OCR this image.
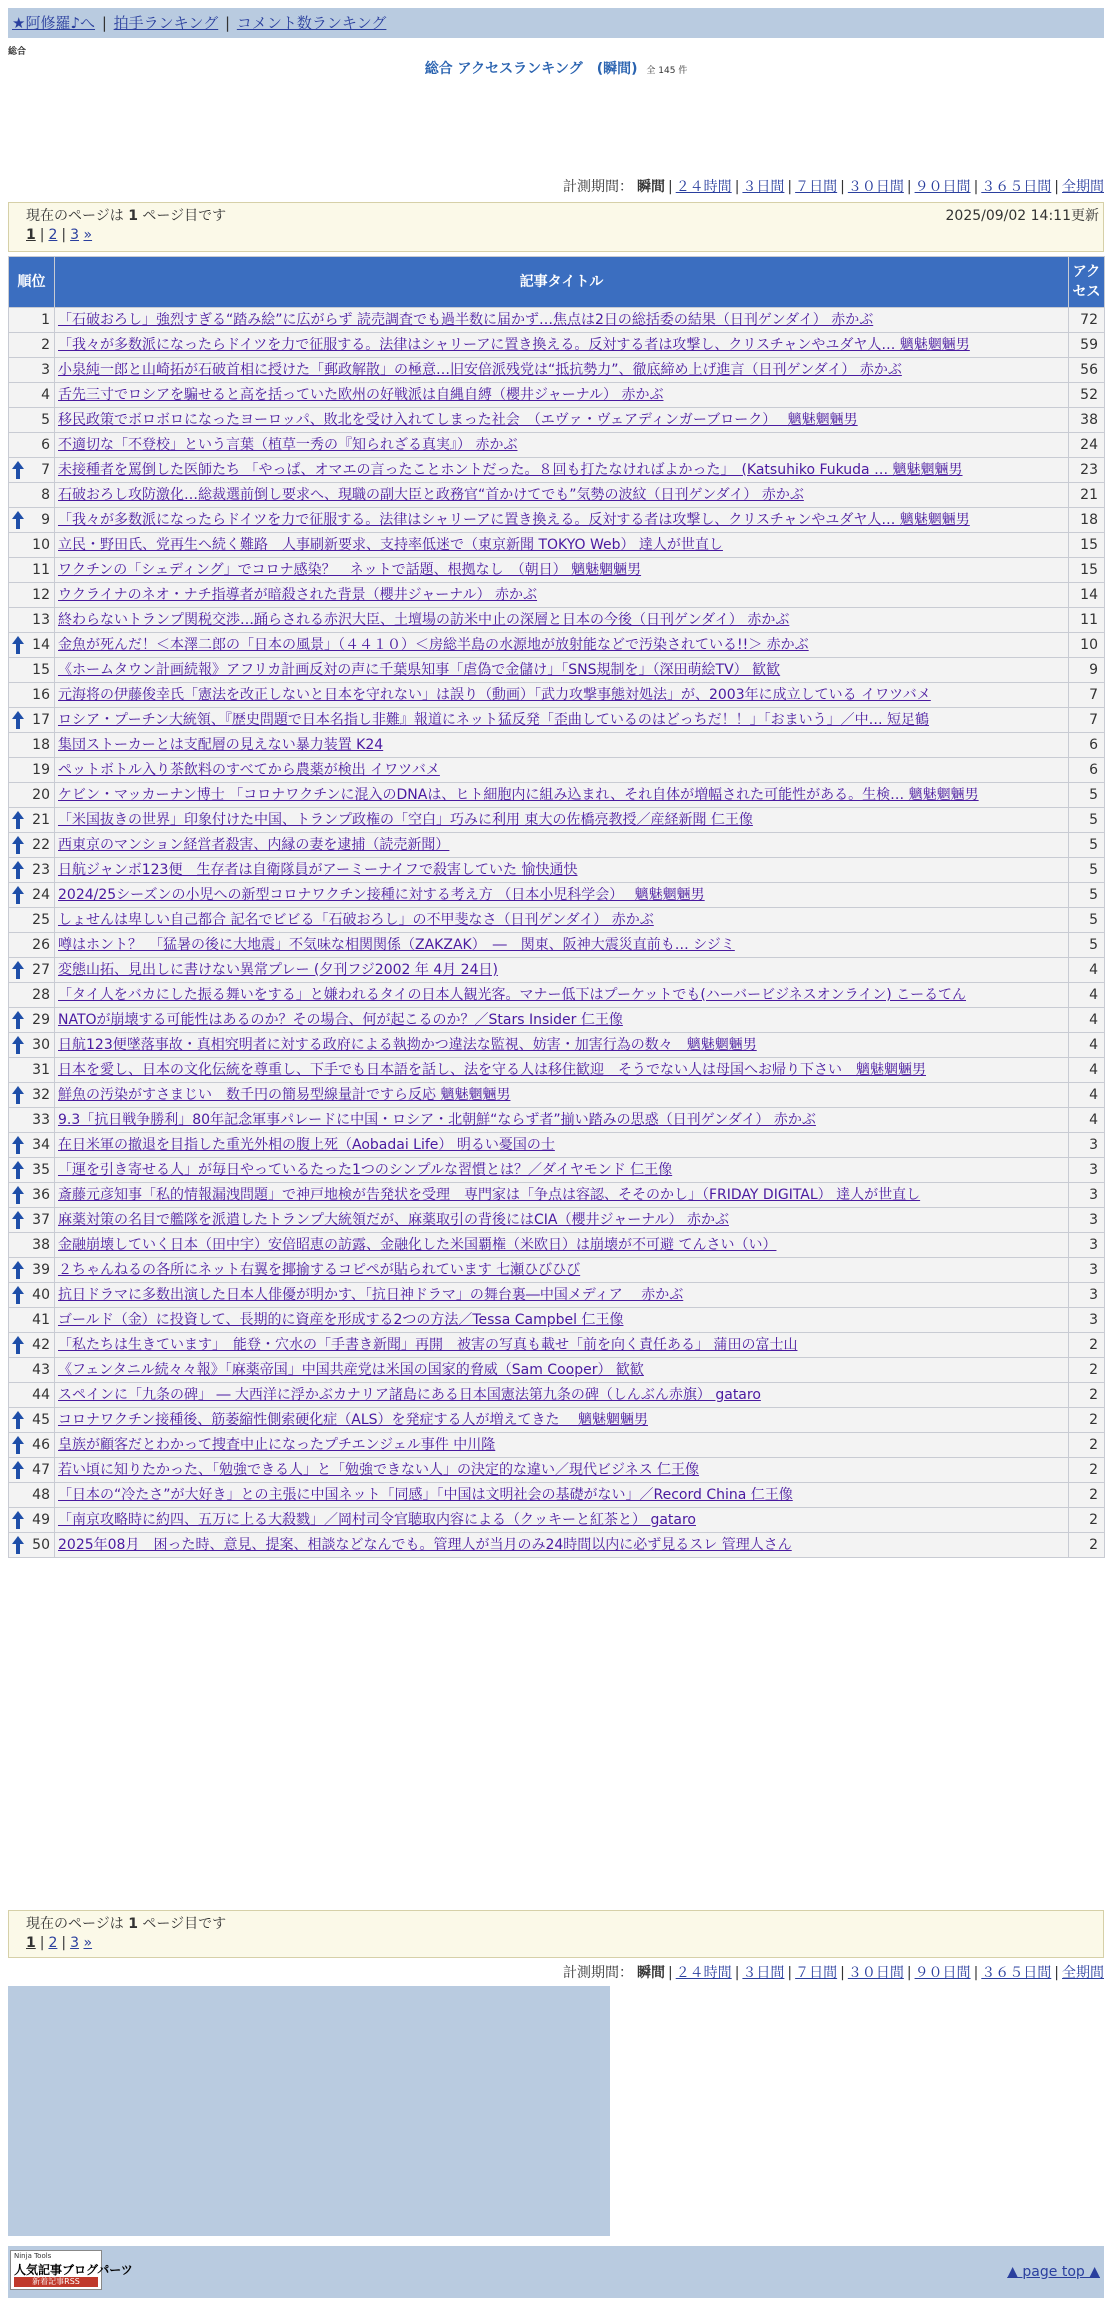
★阿修羅♪へ | 拍手ランキング | コメント数ランキング
総合
総合 アクセスランキング　(瞬間) 全 145 件
計測期間： 瞬間 | ２４時間 | ３日間 | ７日間 | ３０日間 | ９０日間 | ３６５日間 | 全期間
現在のページは 1 ページ目です	2025/09/02 14:11更新
1 | 2 | 3 »
順位	記事タイトル	アクセス
1	「石破おろし」強烈すぎる“踏み絵”に広がらず 読売調査でも過半数に届かず…焦点は2日の総括委の結果（日刊ゲンダイ） 赤かぶ	72
2	「我々が多数派になったらドイツを力で征服する。法律はシャリーアに置き換える。反対する者は攻撃し、クリスチャンやユダヤ人… 魑魅魍魎男	59
3	小泉純一郎と山崎拓が石破首相に授けた「郵政解散」の極意…旧安倍派残党は“抵抗勢力”、徹底締め上げ進言（日刊ゲンダイ） 赤かぶ	56
4	舌先三寸でロシアを騙せると高を括っていた欧州の好戦派は自縄自縛（櫻井ジャーナル） 赤かぶ	52
5	移民政策でボロボロになったヨーロッパ、敗北を受け入れてしまった社会　（エヴァ・ヴェアディンガーブローク）　 魑魅魍魎男	38
6	不適切な「不登校」という言葉（植草一秀の『知られざる真実』） 赤かぶ	24

7	未接種者を罵倒した医師たち 「やっぱ、オマエの言ったことホントだった。８回も打たなければよかった」　(Katsuhiko Fukuda … 魑魅魍魎男	23
8	石破おろし攻防激化…総裁選前倒し要求へ、現職の副大臣と政務官“首かけてでも”気勢の波紋（日刊ゲンダイ） 赤かぶ	21

9	「我々が多数派になったらドイツを力で征服する。法律はシャリーアに置き換える。反対する者は攻撃し、クリスチャンやユダヤ人… 魑魅魍魎男	18
10	立民・野田氏、党再生へ続く難路　人事刷新要求、支持率低迷で（東京新聞 TOKYO Web） 達人が世直し	15
11	ワクチンの「シェディング」でコロナ感染？　ネットで話題、根拠なし　（朝日） 魑魅魍魎男	15
12	ウクライナのネオ・ナチ指導者が暗殺された背景（櫻井ジャーナル） 赤かぶ	14
13	終わらないトランプ関税交渉…踊らされる赤沢大臣、土壇場の訪米中止の深層と日本の今後（日刊ゲンダイ） 赤かぶ	11

14	金魚が死んだ！＜本澤二郎の「日本の風景」（４４１０）＜房総半島の水源地が放射能などで汚染されている!!＞ 赤かぶ	10
15	《ホームタウン計画続報》アフリカ計画反対の声に千葉県知事「虐偽で金儲け」「SNS規制を」（深田萌絵TV） 歓歓	9
16	元海将の伊藤俊幸氏「憲法を改正しないと日本を守れない」は誤り（動画）「武力攻撃事態対処法」が、2003年に成立している イワツバメ	7

17	ロシア・プーチン大統領、『歴史問題で日本名指し非難』報道にネット猛反発「歪曲しているのはどっちだ！！」「おまいう」／中… 短足鶴	7
18	集団ストーカーとは支配層の見えない暴力装置 K24	6
19	ペットボトル入り茶飲料のすべてから農薬が検出 イワツバメ	6
20	ケビン・マッカーナン博士 「コロナワクチンに混入のDNAは、ヒト細胞内に組み込まれ、それ自体が増幅された可能性がある。生検… 魑魅魍魎男	5

21	「米国抜きの世界」印象付けた中国、トランプ政権の「空白」巧みに利用 東大の佐橋亮教授／産経新聞 仁王像	5

22	西東京のマンション経営者殺害、内縁の妻を逮捕（読売新聞）	5

23	日航ジャンボ123便　生存者は自衛隊員がアーミーナイフで殺害していた 愉快通快	5

24	2024/25シーズンの小児への新型コロナワクチン接種に対する考え方 （日本小児科学会）　 魑魅魍魎男	5
25	しょせんは卑しい自己都合 記名でビビる「石破おろし」の不甲斐なさ（日刊ゲンダイ） 赤かぶ	5
26	噂はホント？　「猛暑の後に大地震」不気味な相関関係（ZAKZAK）　―　関東、阪神大震災直前も… シジミ	5

27	変態山拓、見出しに書けない異常プレー (夕刊フジ2002 年 4月 24日)	4
28	「タイ人をバカにした振る舞いをする」と嫌われるタイの日本人観光客。マナー低下はプーケットでも(ハーバービジネスオンライン) こーるてん	4

29	NATOが崩壊する可能性はあるのか？その場合、何が起こるのか？／Stars Insider 仁王像	4

30	日航123便墜落事故・真相究明者に対する政府による執拗かつ違法な監視、妨害・加害行為の数々　魑魅魍魎男	4
31	日本を愛し、日本の文化伝統を尊重し、下手でも日本語を話し、法を守る人は移住歓迎　そうでない人は母国へお帰り下さい　魑魅魍魎男	4

32	鮮魚の汚染がすさまじい　数千円の簡易型線量計ですら反応 魑魅魍魎男	4
33	9.3「抗日戦争勝利」80年記念軍事パレードに中国・ロシア・北朝鮮“ならず者”揃い踏みの思惑（日刊ゲンダイ） 赤かぶ	4

34	在日米軍の撤退を目指した重光外相の腹上死（Aobadai Life） 明るい憂国の士	3

35	「運を引き寄せる人」が毎日やっているたった1つのシンプルな習慣とは？／ダイヤモンド 仁王像	3

36	斎藤元彦知事「私的情報漏洩問題」で神戸地検が告発状を受理　専門家は「争点は容認、そそのかし」（FRIDAY DIGITAL） 達人が世直し	3

37	麻薬対策の名目で艦隊を派遣したトランプ大統領だが、麻薬取引の背後にはCIA（櫻井ジャーナル） 赤かぶ	3
38	金融崩壊していく日本（田中宇）安倍昭恵の訪露、金融化した米国覇権（米欧日）は崩壊が不可避 てんさい（い）	3

39	２ちゃんねるの各所にネット右翼を揶揄するコピペが貼られています 七瀬ひびひび	3

40	抗日ドラマに多数出演した日本人俳優が明かす、「抗日神ドラマ」の舞台裏―中国メディア　 赤かぶ	3
41	ゴールド（金）に投資して、長期的に資産を形成する2つの方法／Tessa Campbel 仁王像	3

42	「私たちは生きています」　能登・穴水の「手書き新聞」再開　被害の写真も載せ「前を向く責任ある」 蒲田の富士山	2
43	《フェンタニル続々々報》「麻薬帝国」中国共産党は米国の国家的脅威（Sam Cooper） 歓歓	2
44	スペインに「九条の碑」 ― 大西洋に浮かぶカナリア諸島にある日本国憲法第九条の碑（しんぶん赤旗） gataro	2

45	コロナワクチン接種後、筋萎縮性側索硬化症（ALS）を発症する人が増えてきた　 魑魅魍魎男	2

46	皇族が顧客だとわかって捜査中止になったプチエンジェル事件 中川隆	2

47	若い頃に知りたかった、「勉強できる人」と「勉強できない人」の決定的な違い／現代ビジネス 仁王像	2
48	「日本の“冷たさ”が大好き」との主張に中国ネット「同感」「中国は文明社会の基礎がない」／Record China 仁王像	2

49	「南京攻略時に約四、五万に上る大殺戮」／岡村司令官聴取内容による（クッキーと紅茶と） gataro	2

50	2025年08月　困った時、意見、提案、相談などなんでも。管理人が当月のみ24時間以内に必ず見るスレ 管理人さん	2
現在のページは 1 ページ目です
1 | 2 | 3 »
計測期間： 瞬間 | ２４時間 | ３日間 | ７日間 | ３０日間 | ９０日間 | ３６５日間 | 全期間
Ninja Tools
人気記事ブログパーツ
新着記事RSS
▲ page top ▲
